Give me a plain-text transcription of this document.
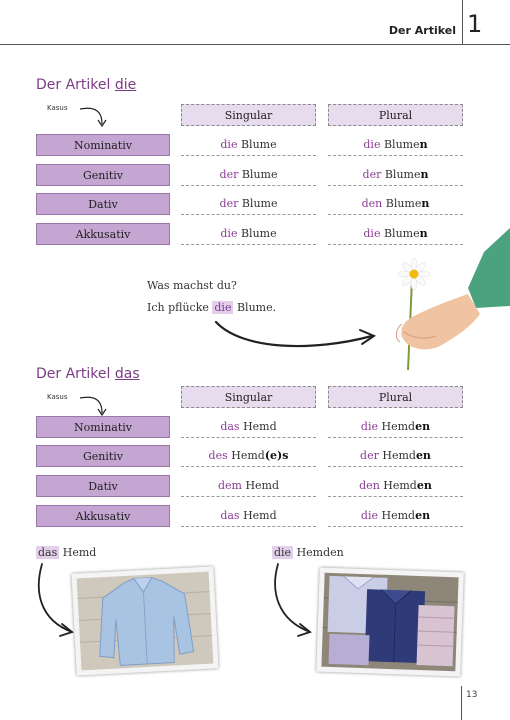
Der Artikel 1
Der Artikel die
Kasus
Singular	Plural
Nominativ	die Blume	die Blume n
Genitiv	der Blume	der Blume n
Dativ	der Blume	den Blume n
Akkusativ	die Blume	die Blume n
Was machst du?
Ich pflücke die Blume.
Der Artikel das
Kasus	Singular	Plural
Nominativ	das Hemd	die Hemd en
Genitiv	des Hemd (e)s	der Hemd en
Dativ	dem Hemd	den Hemd en
Akkusativ	das Hemd	die Hemd en
das Hemd	die Hemden
13
